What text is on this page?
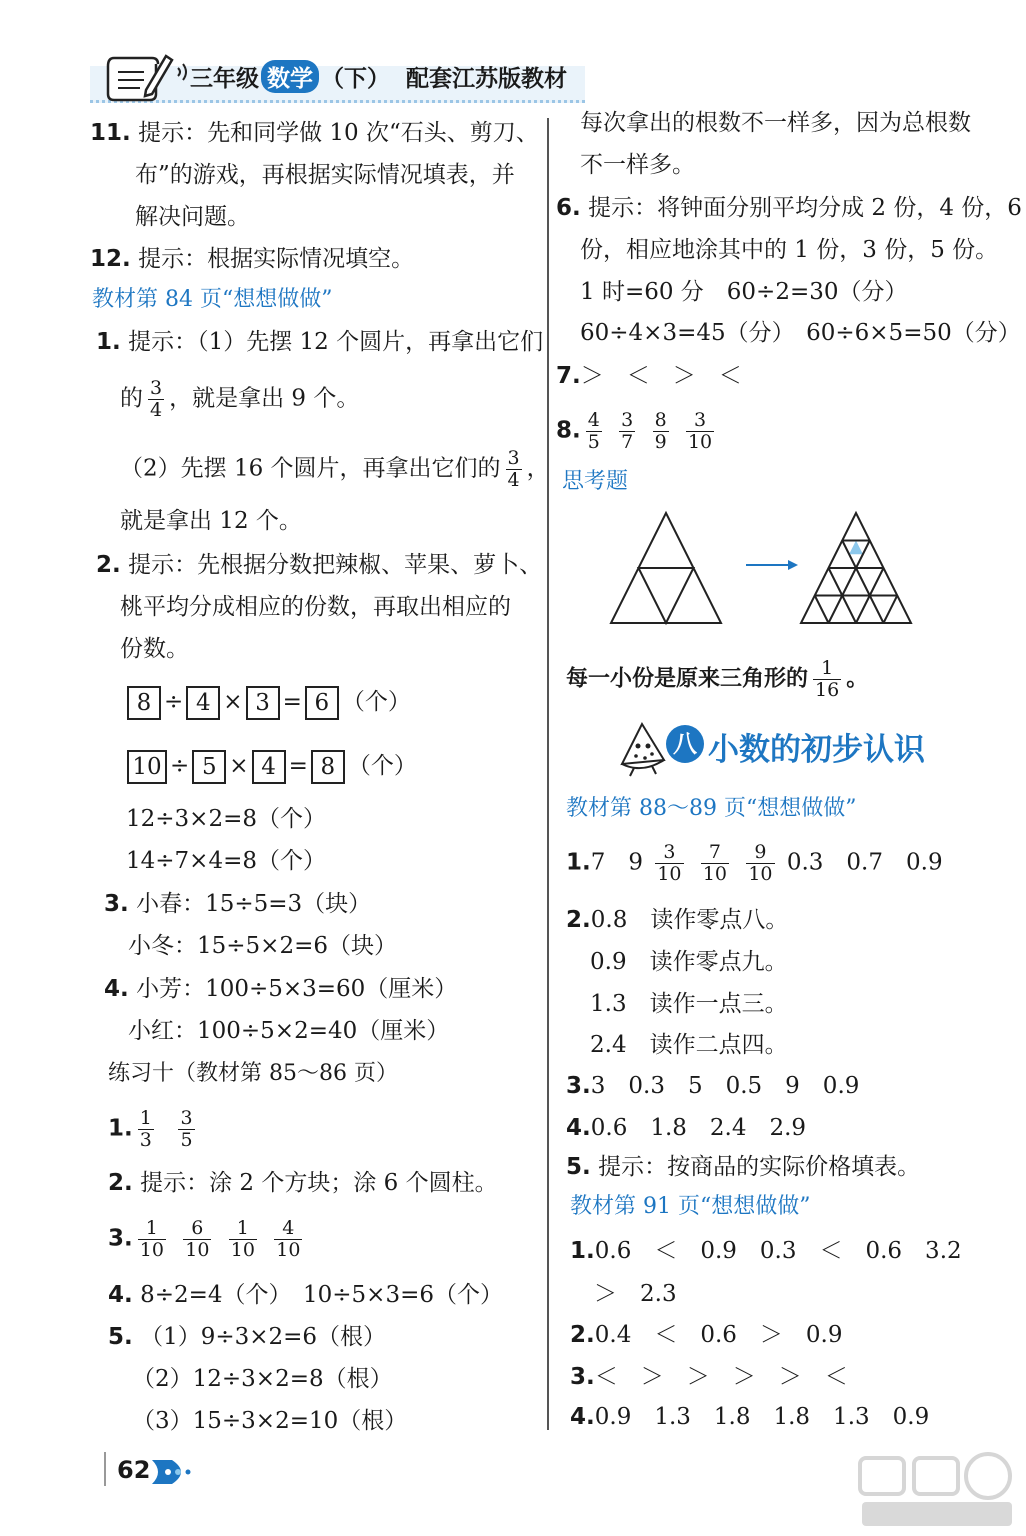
三年级 数学 （下） 配套江苏版教材
11. 提示：先和同学做 10 次“石头、剪刀、
布”的游戏，再根据实际情况填表，并
解决问题。
12. 提示：根据实际情况填空。
教材第 84 页“想想做做”
1. 提示：（1）先摆 12 个圆片，再拿出它们
的 $\frac{3}{4}$ ，就是拿出 9 个。
（2）先摆 16 个圆片，再拿出它们的 $\frac{3}{4}$ ，
就是拿出 12 个。
2. 提示：先根据分数把辣椒、苹果、萝卜、
桃平均分成相应的份数，再取出相应的
份数。
8 ÷ 4 × 3 = 6 （个）
10 ÷ 5 × 4 = 8 （个）
12÷3×2=8（个）
14÷7×4=8（个）
3. 小春：15÷5=3（块）
小冬：15÷5×2=6（块）
4. 小芳：100÷5×3=60（厘米）
小红：100÷5×2=40（厘米）
练习十（教材第 85～86 页）
1. $\frac{1}{3}$
$\frac{3}{5}$
2. 提示：涂 2 个方块；涂 6 个圆柱。
3. $\frac{1}{10}$
$\frac{6}{10}$
$\frac{1}{10}$
$\frac{4}{10}$
4. 8÷2=4（个）　10÷5×3=6（个）
5. （1）9÷3×2=6（根）
（2）12÷3×2=8（根）
（3）15÷3×2=10（根）
每次拿出的根数不一样多，因为总根数
不一样多。
6. 提示：将钟面分别平均分成 2 份，4 份，6
份，相应地涂其中的 1 份，3 份，5 份。
1 时=60 分　60÷2=30（分）
60÷4×3=45（分）　60÷6×5=50（分）
7.＞　＜　＞　＜
8. $\frac{4}{5}$
$\frac{3}{7}$
$\frac{8}{9}$
$\frac{3}{10}$
思考题
每一小份是原来三角形的 $\frac{1}{16}$ 。
八 小数的初步认识
教材第 88～89 页“想想做做”
1.7　$9 \frac{3}{10}$
$\frac{7}{10}$
$\frac{9}{10} 0.3$　0.7　0.9
2.0.8　读作零点八。
0.9　读作零点九。
1.3　读作一点三。
2.4　读作二点四。
3.3　0.3　5　0.5　9　0.9
4.0.6　1.8　2.4　2.9
5. 提示：按商品的实际价格填表。
教材第 91 页“想想做做”
1.0.6　＜　0.9　0.3　＜　0.6　3.2
＞　2.3
2.0.4　＜　0.6　＞　0.9
3.＜　＞　＞　＞　＞　＜
4.0.9　1.3　1.8　1.8　1.3　0.9
62
